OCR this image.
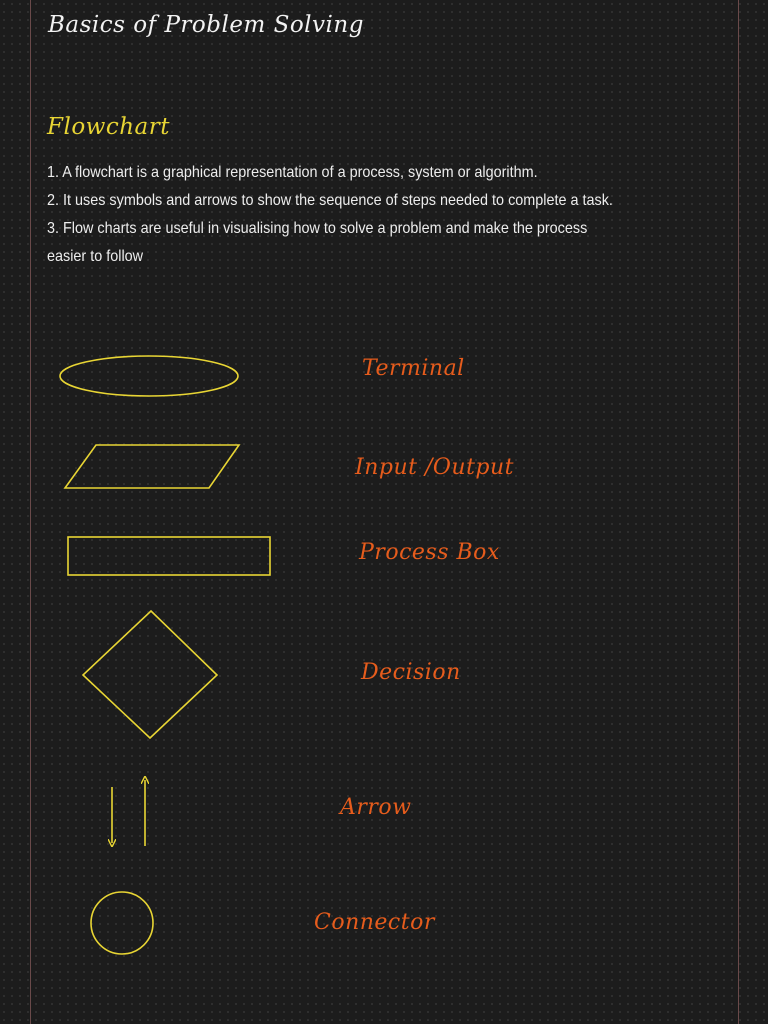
Basics of Problem Solving
Flowchart
1. A flowchart is a graphical representation of a process, system or algorithm.
2. It uses symbols and arrows to show the sequence of steps needed to complete a task.
3. Flow charts are useful in visualising how to solve a problem and make the process
easier to follow
Terminal
Input /Output
Process Box
Decision
Arrow
Connector
